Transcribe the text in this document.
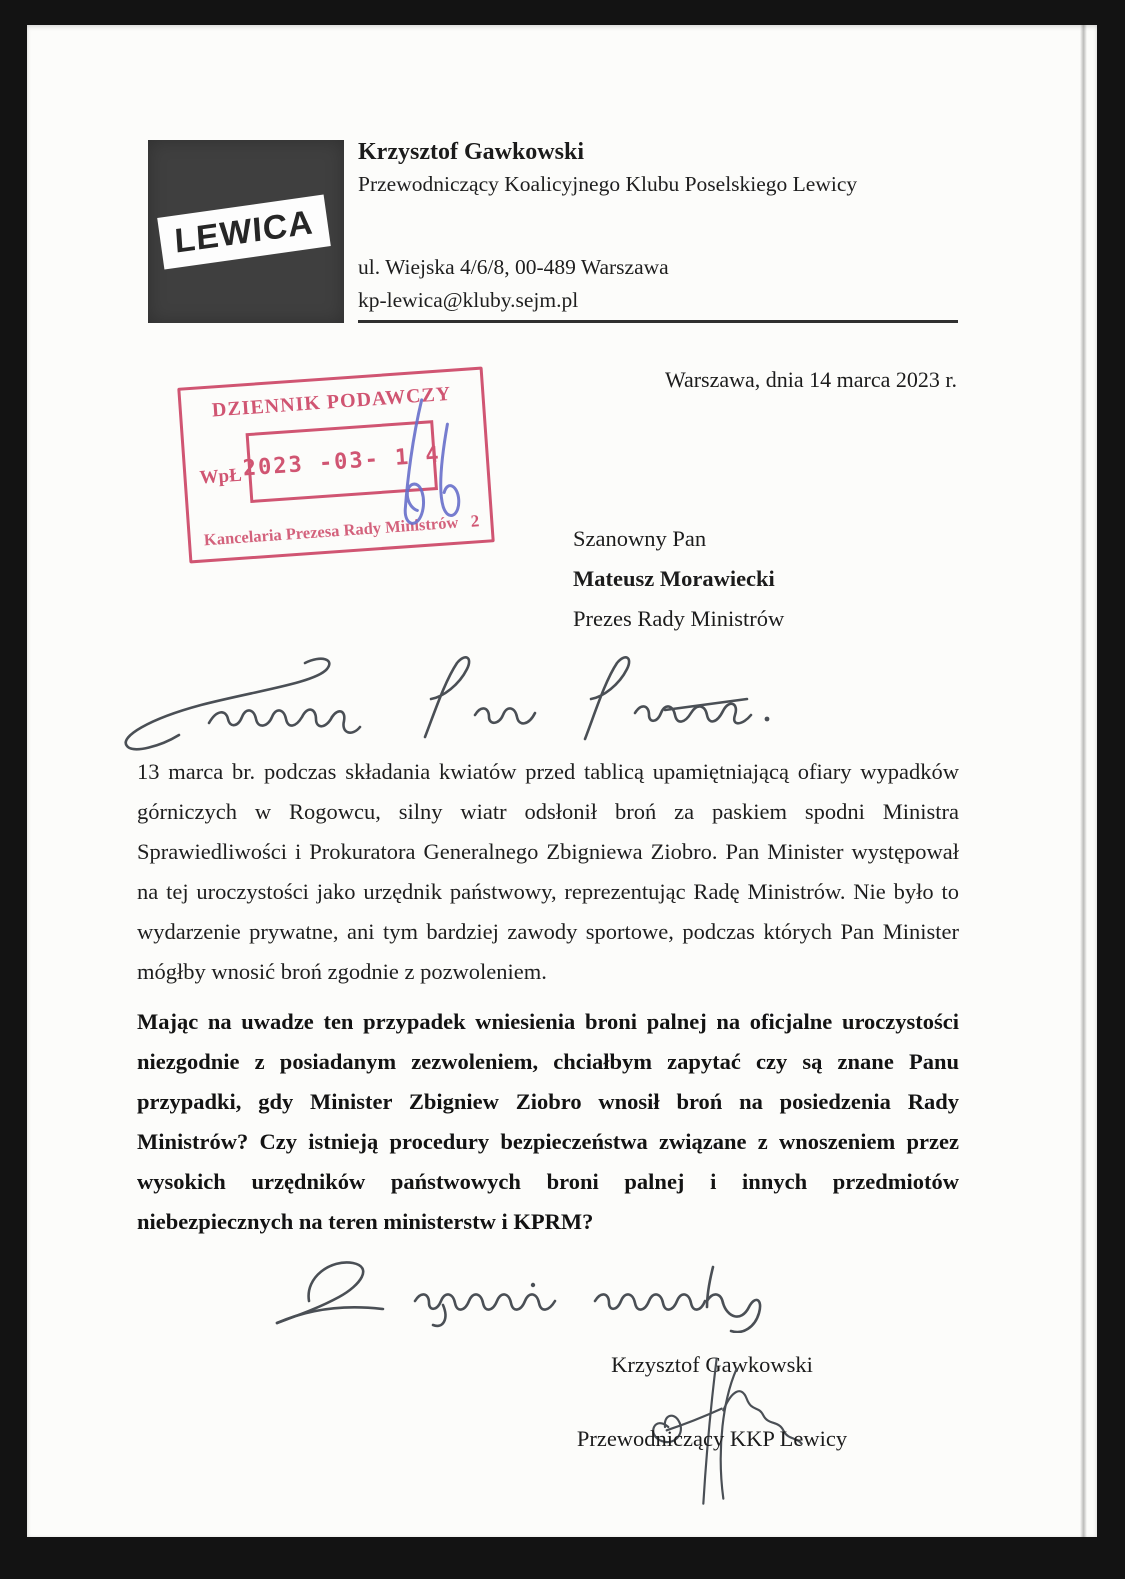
LEWICA
Krzysztof Gawkowski
Przewodniczący Koalicyjnego Klubu Poselskiego Lewicy
ul. Wiejska 4/6/8, 00-489 Warszawa
kp-lewica@kluby.sejm.pl
Warszawa, dnia 14 marca 2023 r.
DZIENNIK PODAWCZY
WpŁ 2023 -03- 1 4
Kancelaria Prezesa Rady Ministrów 2
Szanowny Pan
Mateusz Morawiecki
Prezes Rady Ministrów

13 marca br. podczas składania kwiatów przed tablicą upamiętniającą ofiary wypadków górniczych w Rogowcu, silny wiatr odsłonił broń za paskiem spodni Ministra Sprawiedliwości i Prokuratora Generalnego Zbigniewa Ziobro. Pan Minister występował na tej uroczystości jako urzędnik państwowy, reprezentując Radę Ministrów. Nie było to wydarzenie prywatne, ani tym bardziej zawody sportowe, podczas których Pan Minister mógłby wnosić broń zgodnie z pozwoleniem.

Mając na uwadze ten przypadek wniesienia broni palnej na oficjalne uroczystości niezgodnie z posiadanym zezwoleniem, chciałbym zapytać czy są znane Panu przypadki, gdy Minister Zbigniew Ziobro wnosił broń na posiedzenia Rady Ministrów? Czy istnieją procedury bezpieczeństwa związane z wnoszeniem przez wysokich urzędników państwowych broni palnej i innych przedmiotów niebezpiecznych na teren ministerstw i KPRM?

Krzysztof Gawkowski
Przewodniczący KKP Lewicy
